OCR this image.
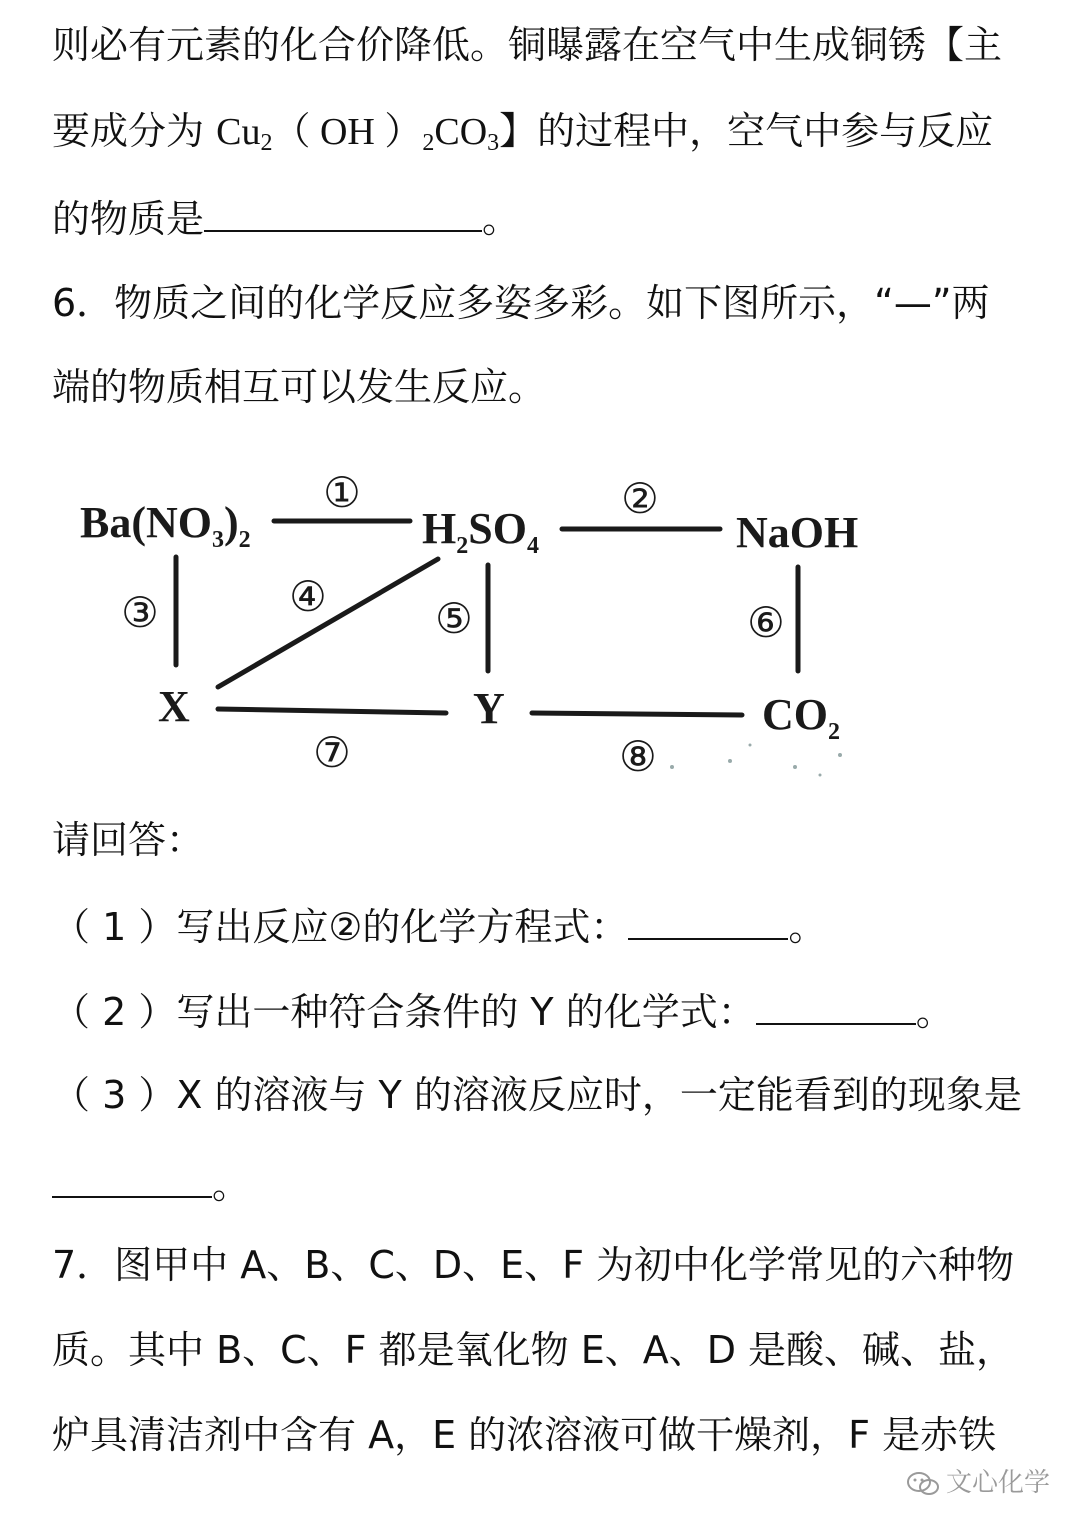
则必有元素的化合价降低。铜曝露在空气中生成铜锈【主
要成分为 $Cu_2$（ OH ）$_2CO_3$】的过程中，空气中参与反应
的物质是	。
6．物质之间的化学反应多姿多彩。如下图所示，“—”两
端的物质相互可以发生反应。
$Ba(NO_3)_2$	$H_2SO_4$	NaOH
X	Y	$CO_2$
①	②
③	④	⑤	⑥
⑦	⑧
请回答：
（ 1 ）写出反应②的化学方程式：	。
（ 2 ）写出一种符合条件的 Y 的化学式：	。
（ 3 ）X 的溶液与 Y 的溶液反应时，一定能看到的现象是
。
7．图甲中 A、B、C、D、E、F 为初中化学常见的六种物
质。其中 B、C、F 都是氧化物 E、A、D 是酸、碱、盐，
炉具清洁剂中含有 A，E 的浓溶液可做干燥剂，F 是赤铁
文心化学
